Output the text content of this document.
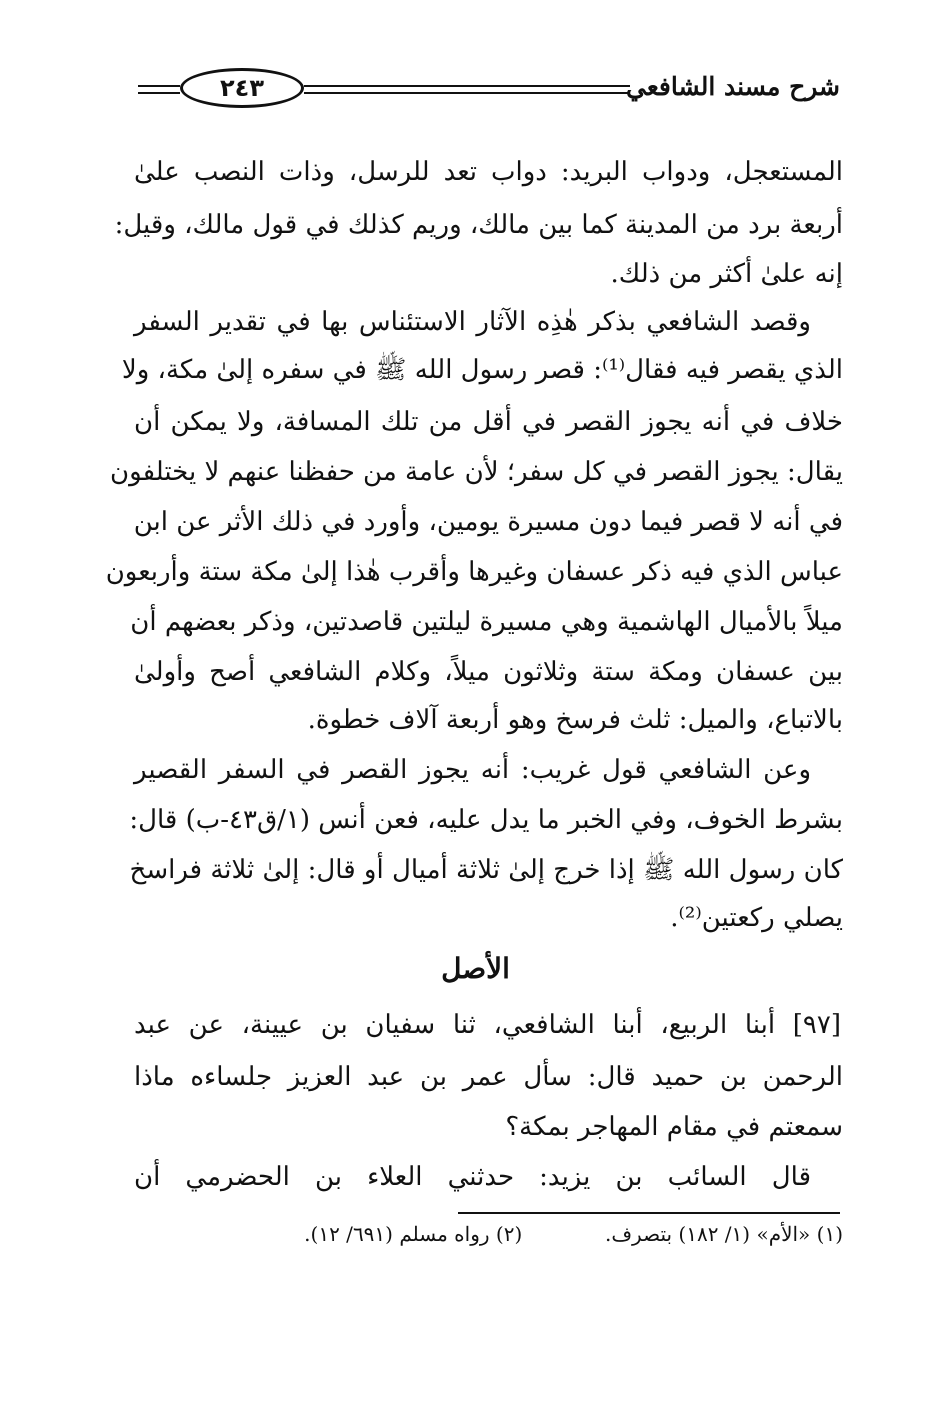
٢٤٣	شرح مسند الشافعي
المستعجل، ودواب البريد: دواب تعد للرسل، وذات النصب علىٰ
أربعة برد من المدينة كما بين مالك، وريم كذلك في قول مالك، وقيل:
إنه علىٰ أكثر من ذلك.
وقصد الشافعي بذكر هٰذِه الآثار الاستئناس بها في تقدير السفر
الذي يقصر فيه فقال⁽¹⁾: قصر رسول الله ﷺ في سفره إلىٰ مكة، ولا
خلاف في أنه يجوز القصر في أقل من تلك المسافة، ولا يمكن أن
يقال: يجوز القصر في كل سفر؛ لأن عامة من حفظنا عنهم لا يختلفون
في أنه لا قصر فيما دون مسيرة يومين، وأورد في ذلك الأثر عن ابن
عباس الذي فيه ذكر عسفان وغيرها وأقرب هٰذا إلىٰ مكة ستة وأربعون
ميلاً بالأميال الهاشمية وهي مسيرة ليلتين قاصدتين، وذكر بعضهم أن
بين عسفان ومكة ستة وثلاثون ميلاً، وكلام الشافعي أصح وأولىٰ
بالاتباع، والميل: ثلث فرسخ وهو أربعة آلاف خطوة.
وعن الشافعي قول غريب: أنه يجوز القصر في السفر القصير
بشرط الخوف، وفي الخبر ما يدل عليه، فعن أنس (١/ق٤٣-ب) قال:
كان رسول الله ﷺ إذا خرج إلىٰ ثلاثة أميال أو قال: إلىٰ ثلاثة فراسخ
يصلي ركعتين⁽²⁾.
الأصل
[٩٧] أبنا الربيع، أبنا الشافعي، ثنا سفيان بن عيينة، عن عبد
الرحمن بن حميد قال: سأل عمر بن عبد العزيز جلساءه ماذا
سمعتم في مقام المهاجر بمكة؟
قال السائب بن يزيد: حدثني العلاء بن الحضرمي أن
(١) «الأم» (١/ ١٨٢) بتصرف.  (٢) رواه مسلم (٦٩١/ ١٢).
